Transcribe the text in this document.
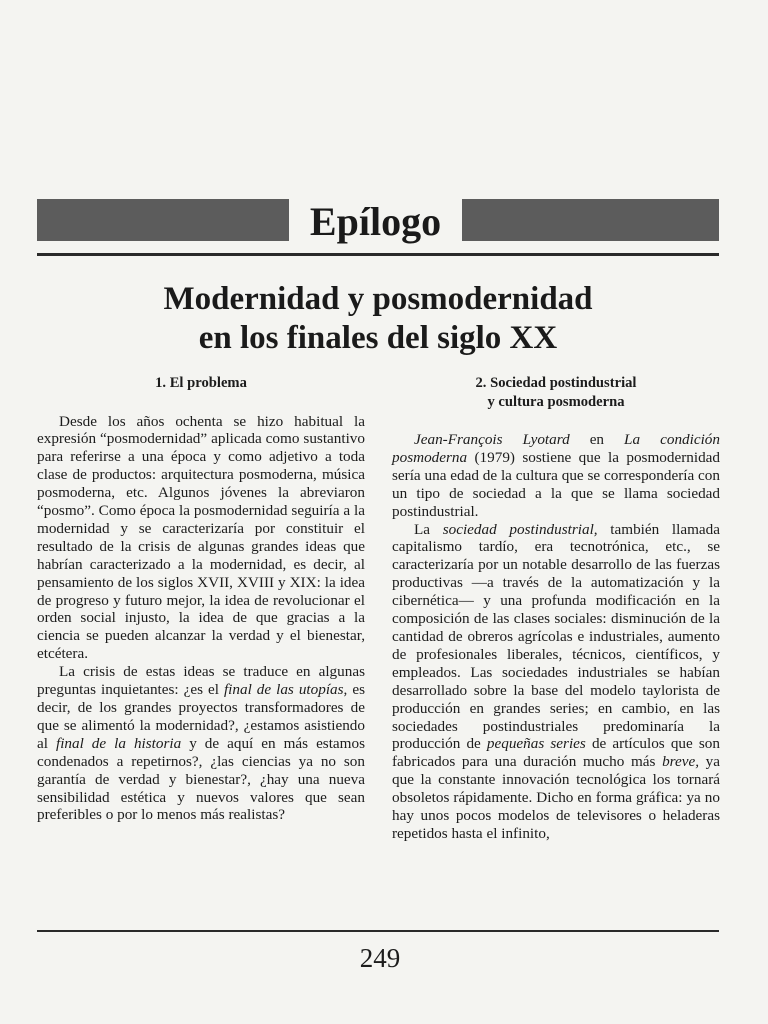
Epílogo
Modernidad y posmodernidad
en los finales del siglo XX
1. El problema

Desde los años ochenta se hizo habitual la expresión “posmodernidad” aplicada como sustantivo para referirse a una época y como adjetivo a toda clase de productos: arquitectura posmoderna, música posmoderna, etc. Algunos jóvenes la abreviaron “posmo”. Como época la posmodernidad seguiría a la modernidad y se caracterizaría por constituir el resultado de la crisis de algunas grandes ideas que habrían caracterizado a la modernidad, es decir, al pensamiento de los siglos XVII, XVIII y XIX: la idea de progreso y futuro mejor, la idea de revolucionar el orden social injusto, la idea de que gracias a la ciencia se pueden alcanzar la verdad y el bienestar, etcétera.

La crisis de estas ideas se traduce en algunas preguntas inquietantes: ¿es el final de las utopías, es decir, de los grandes proyectos transformadores de que se alimentó la modernidad?, ¿estamos asistiendo al final de la historia y de aquí en más estamos condenados a repetirnos?, ¿las ciencias ya no son garantía de verdad y bienestar?, ¿hay una nueva sensibilidad estética y nuevos valores que sean preferibles o por lo menos más realistas?

2. Sociedad postindustrial
y cultura posmoderna

Jean-François Lyotard en La condición posmoderna (1979) sostiene que la posmodernidad sería una edad de la cultura que se correspondería con un tipo de sociedad a la que se llama sociedad postindustrial.

La sociedad postindustrial, también llamada capitalismo tardío, era tecnotrónica, etc., se caracterizaría por un notable desarrollo de las fuerzas productivas —a través de la automatización y la cibernética— y una profunda modificación en la composición de las clases sociales: disminución de la cantidad de obreros agrícolas e industriales, aumento de profesionales liberales, técnicos, científicos, y empleados. Las sociedades industriales se habían desarrollado sobre la base del modelo taylorista de producción en grandes series; en cambio, en las sociedades postindustriales predominaría la producción de pequeñas series de artículos que son fabricados para una duración mucho más breve, ya que la constante innovación tecnológica los tornará obsoletos rápidamente. Dicho en forma gráfica: ya no hay unos pocos modelos de televisores o heladeras repetidos hasta el infinito,

249
